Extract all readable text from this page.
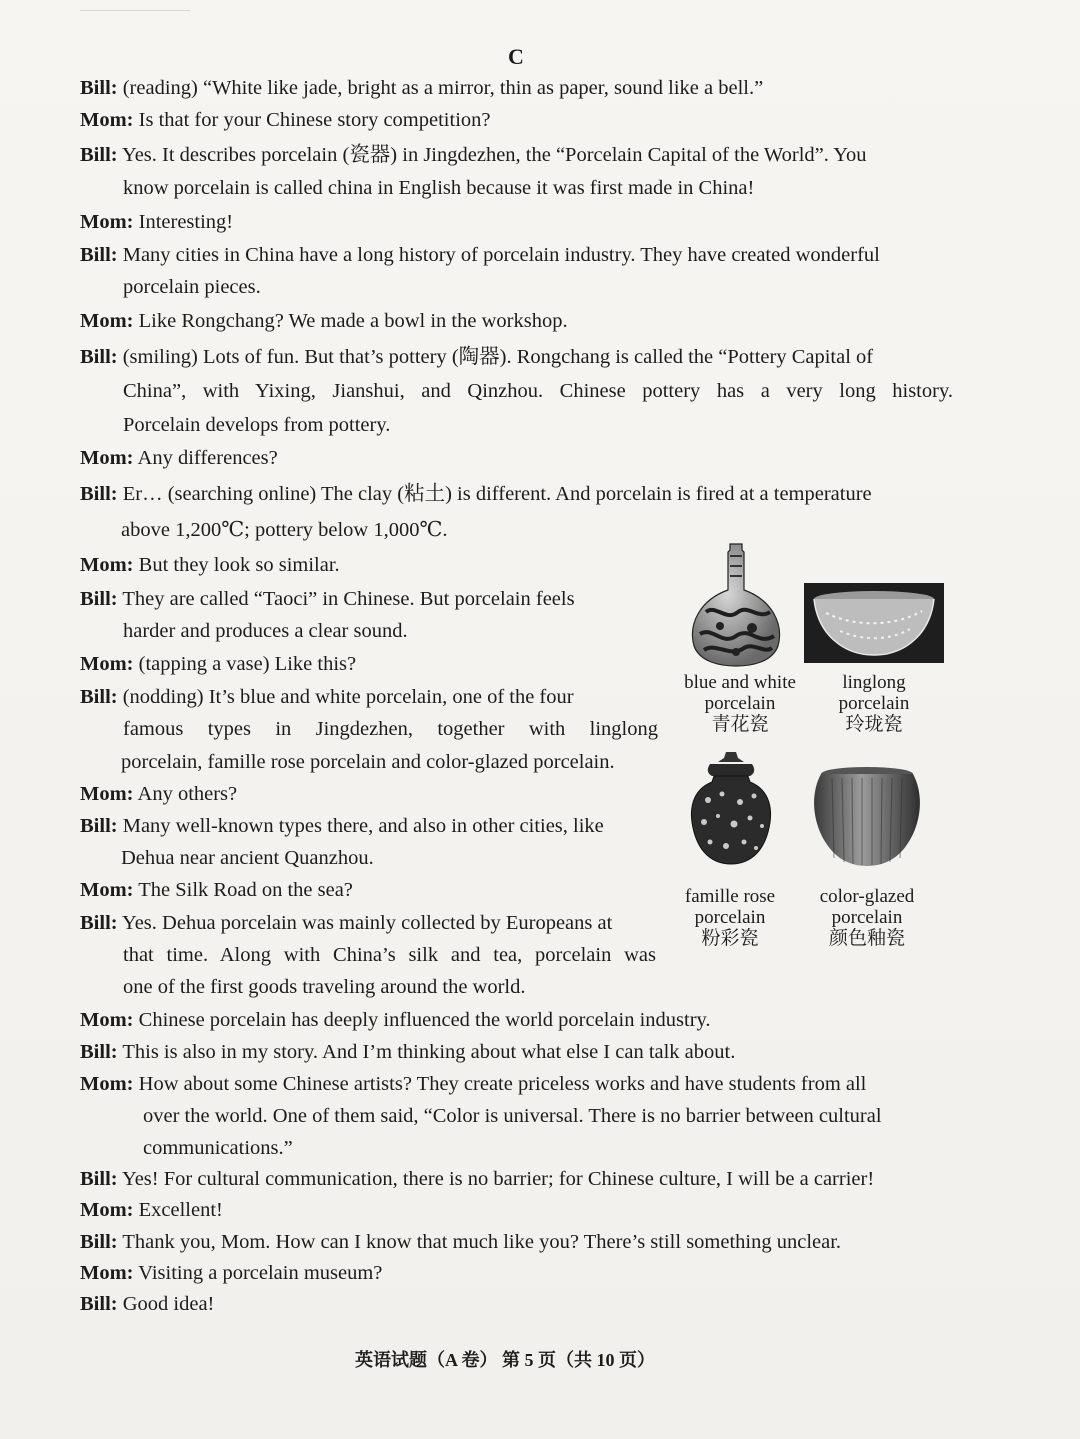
C
Bill: (reading) “White like jade, bright as a mirror, thin as paper, sound like a bell.”
Mom: Is that for your Chinese story competition?
Bill: Yes. It describes porcelain (瓷器) in Jingdezhen, the “Porcelain Capital of the World”. You
know porcelain is called china in English because it was first made in China!
Mom: Interesting!
Bill: Many cities in China have a long history of porcelain industry. They have created wonderful
porcelain pieces.
Mom: Like Rongchang? We made a bowl in the workshop.
Bill: (smiling) Lots of fun. But that’s pottery (陶器). Rongchang is called the “Pottery Capital of
China”, with Yixing, Jianshui, and Qinzhou. Chinese pottery has a very long history.
Porcelain develops from pottery.
Mom: Any differences?
Bill: Er… (searching online) The clay (粘土) is different. And porcelain is fired at a temperature
above 1,200℃; pottery below 1,000℃.
Mom: But they look so similar.
Bill: They are called “Taoci” in Chinese. But porcelain feels
harder and produces a clear sound.
Mom: (tapping a vase) Like this?
Bill: (nodding) It’s blue and white porcelain, one of the four
famous types in Jingdezhen, together with linglong
porcelain, famille rose porcelain and color-glazed porcelain.
Mom: Any others?
Bill: Many well-known types there, and also in other cities, like
Dehua near ancient Quanzhou.
Mom: The Silk Road on the sea?
Bill: Yes. Dehua porcelain was mainly collected by Europeans at
that time. Along with China’s silk and tea, porcelain was
one of the first goods traveling around the world.
Mom: Chinese porcelain has deeply influenced the world porcelain industry.
Bill: This is also in my story. And I’m thinking about what else I can talk about.
Mom: How about some Chinese artists? They create priceless works and have students from all
over the world. One of them said, “Color is universal. There is no barrier between cultural
communications.”
Bill: Yes! For cultural communication, there is no barrier; for Chinese culture, I will be a carrier!
Mom: Excellent!
Bill: Thank you, Mom. How can I know that much like you? There’s still something unclear.
Mom: Visiting a porcelain museum?
Bill: Good idea!
blue and white
porcelain
青花瓷
linglong
porcelain
玲珑瓷
famille rose
porcelain
粉彩瓷
color-glazed
porcelain
颜色釉瓷
英语试题（A 卷） 第 5 页（共 10 页）
